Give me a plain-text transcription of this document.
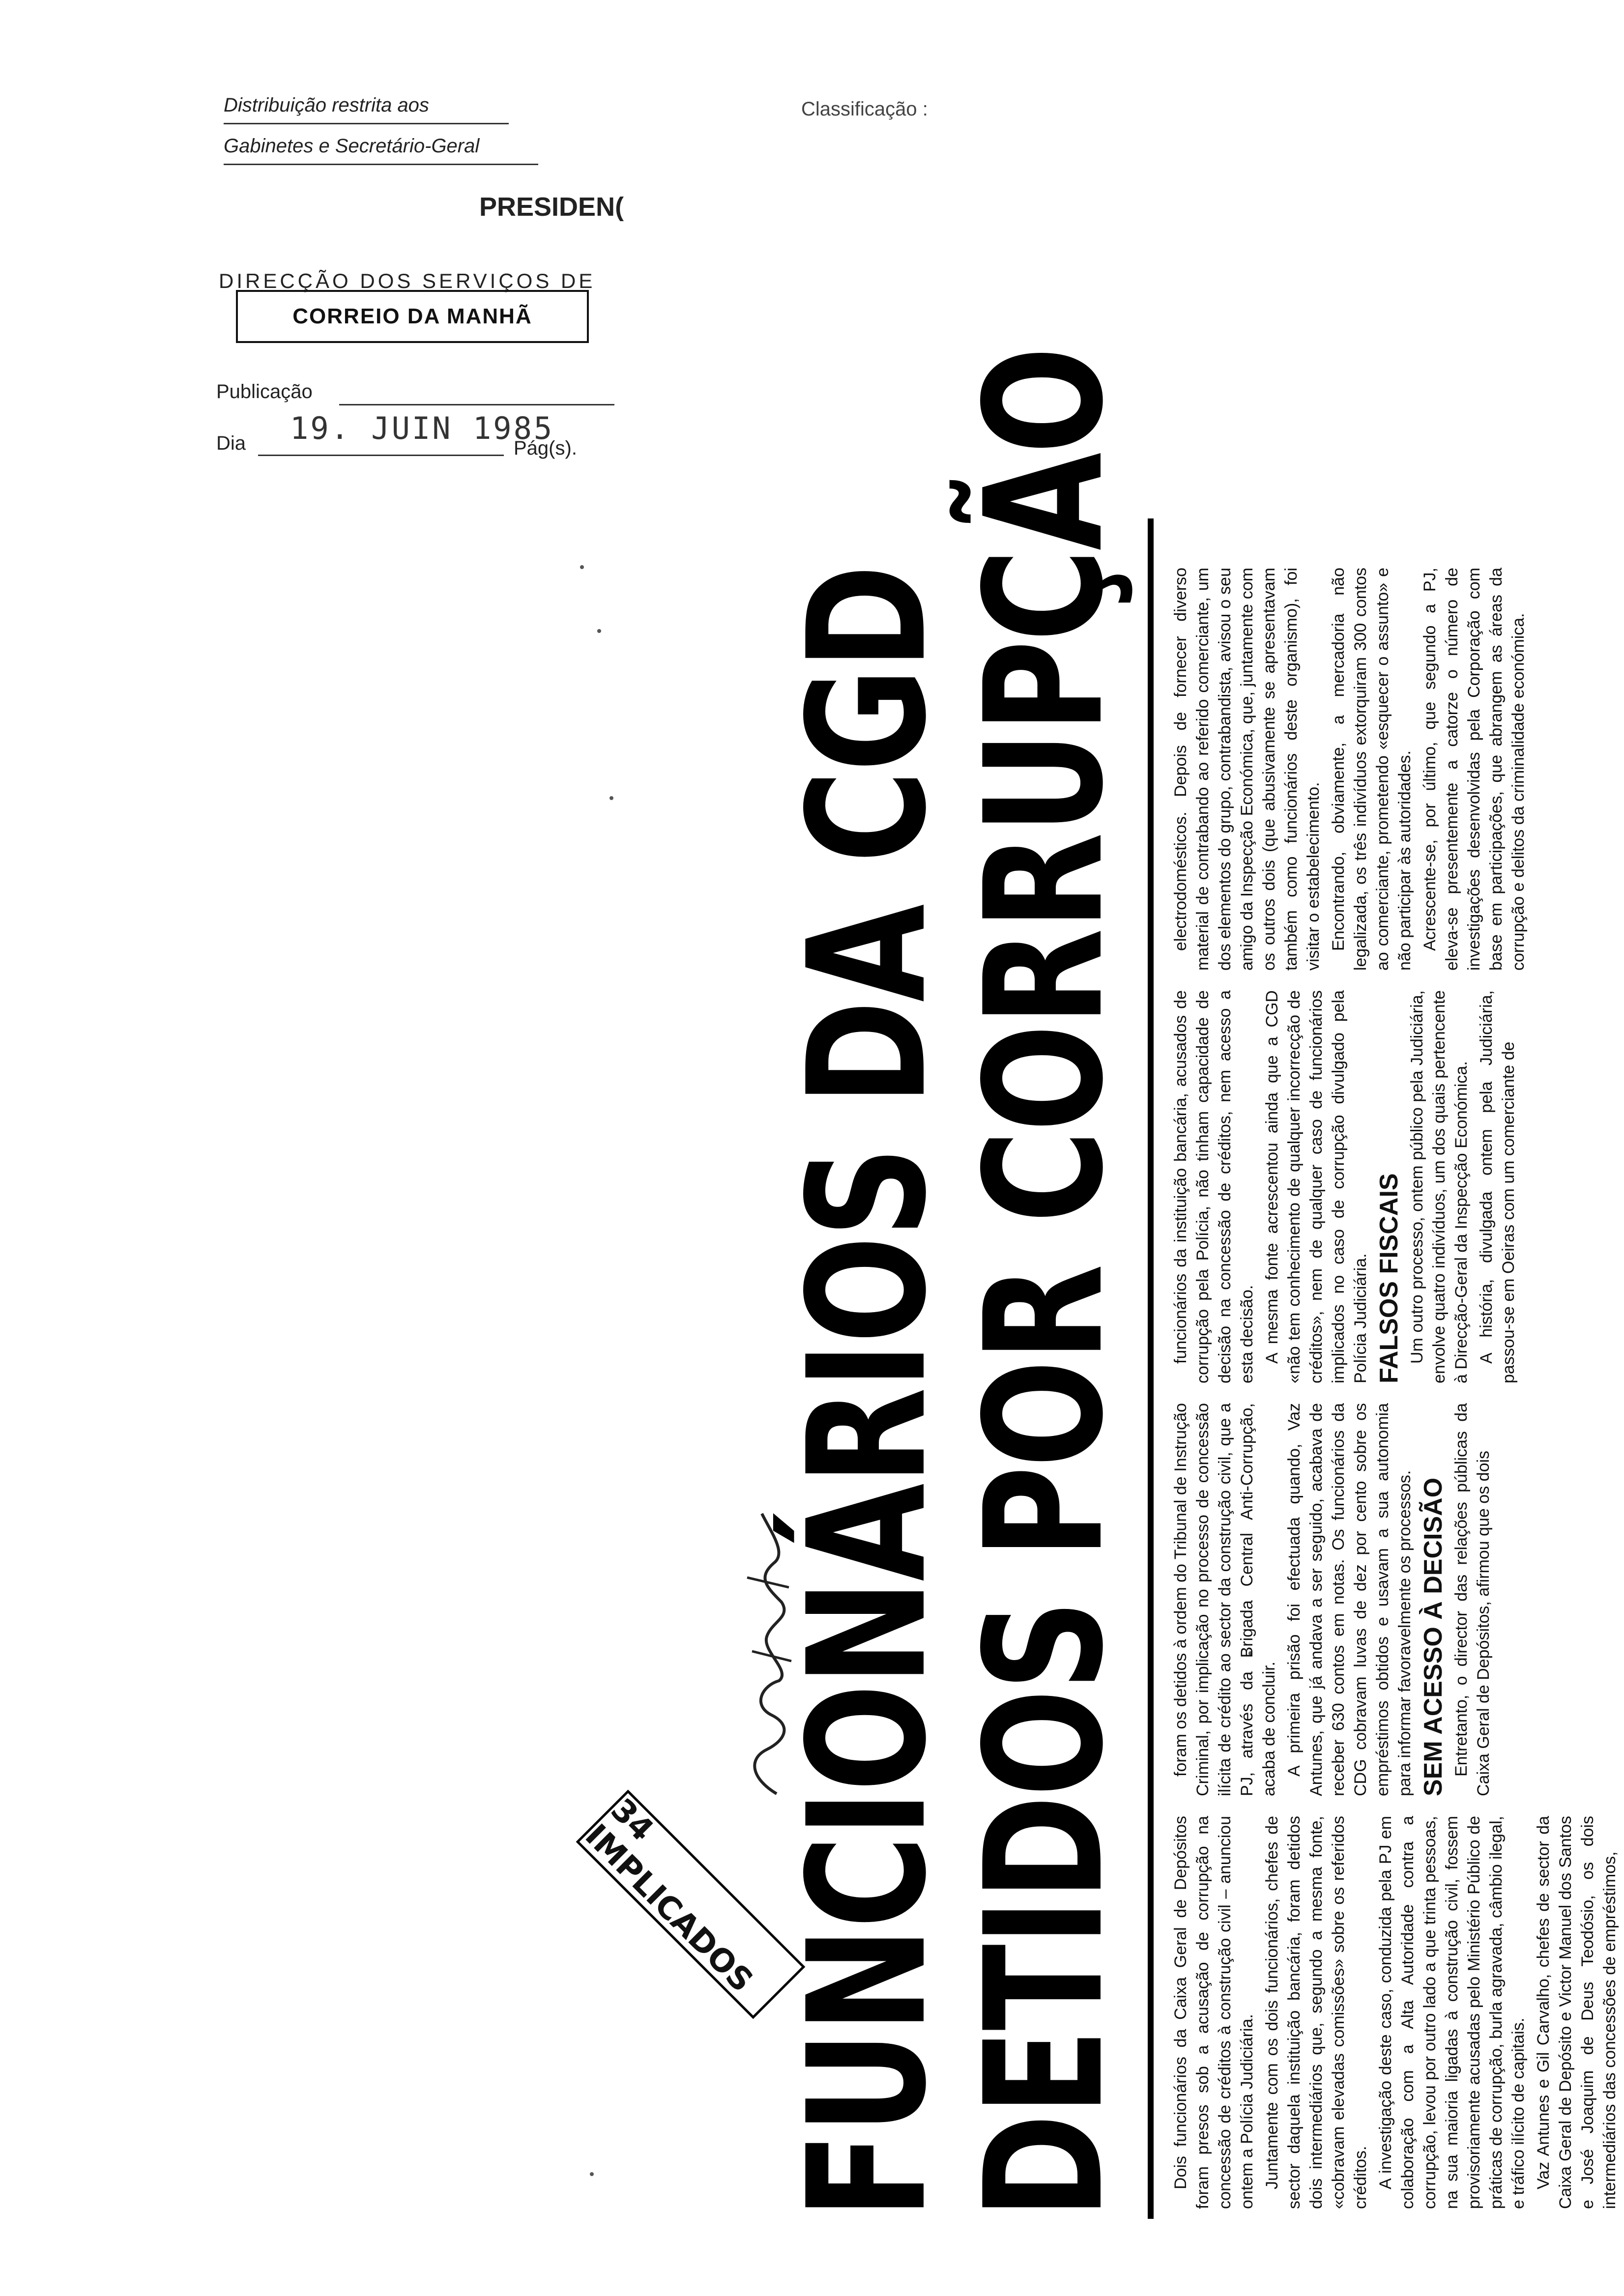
Distribuição restrita aos
Gabinetes e Secretário-Geral
Classificação :
PRESIDEN(
DIRECÇÃO DOS SERVIÇOS DE
CORREIO DA MANHÃ
Publicação
Dia 19. JUIN 1985
Pág(s).
FUNCIONÁRIOS DA CGD
DETIDOS POR CORRUPÇÃO Dois funcionários da Caixa Geral de Depósitos foram presos sob a acusação de corrupção na concessão de créditos à construção civil – anunciou ontem a Polícia Judiciária. Juntamente com os dois funcionários, chefes de sector daquela instituição bancária, foram detidos dois intermediários que, segundo a mesma fonte, «cobravam elevadas comissões» sobre os referidos créditos. A investigação deste caso, conduzida pela PJ em colaboração com a Alta Autoridade contra a corrupção, levou por outro lado a que trinta pessoas, na sua maioria ligadas à construção civil, fossem provisoriamente acusadas pelo Ministério Público de práticas de corrupção, burla agravada, câmbio ilegal, e tráfico ilícito de capitais. Vaz Antunes e Gil Carvalho, chefes de sector da Caixa Geral de Depósito e Victor Manuel dos Santos e José Joaquim de Deus Teodósio, os dois intermediários das concessões de empréstimos,

foram os detidos à ordem do Tribunal de Instrução Criminal, por implicação no processo de concessão ilícita de crédito ao sector da construção civil, que a PJ, através da Brigada Central Anti-Corrupção, acaba de concluir. A primeira prisão foi efectuada quando, Vaz Antunes, que já andava a ser seguido, acabava de receber 630 contos em notas. Os funcionários da CDG cobravam luvas de dez por cento sobre os empréstimos obtidos e usavam a sua autonomia para informar favoravelmente os processos. SEM ACESSO À DECISÃO Entretanto, o director das relações públicas da Caixa Geral de Depósitos, afirmou que os dois

funcionários da instituição bancária, acusados de corrupção pela Polícia, não tinham capacidade de decisão na concessão de créditos, nem acesso a esta decisão. A mesma fonte acrescentou ainda que a CGD «não tem conhecimento de qualquer incorrecção de créditos», nem de qualquer caso de funcionários implicados no caso de corrupção divulgado pela Polícia Judiciária. FALSOS FISCAIS Um outro processo, ontem público pela Judiciária, envolve quatro indivíduos, um dos quais pertencente à Direcção-Geral da Inspecção Económica. A história, divulgada ontem pela Judiciária, passou-se em Oeiras com um comerciante de

electrodomésticos. Depois de fornecer diverso material de contrabando ao referido comerciante, um dos elementos do grupo, contrabandista, avisou o seu amigo da Inspecção Económica, que, juntamente com os outros dois (que abusivamente se apresentavam também como funcionários deste organismo), foi visitar o estabelecimento. Encontrando, obviamente, a mercadoria não legalizada, os três indivíduos extorquiram 300 contos ao comerciante, prometendo «esquecer o assunto» e não participar às autoridades. Acrescente-se, por último, que segundo a PJ, eleva-se presentemente a catorze o número de investigações desenvolvidas pela Corporação com base em participações, que abrangem as áreas da corrupção e delitos da criminalidade económica.

34 IMPLICADOS
